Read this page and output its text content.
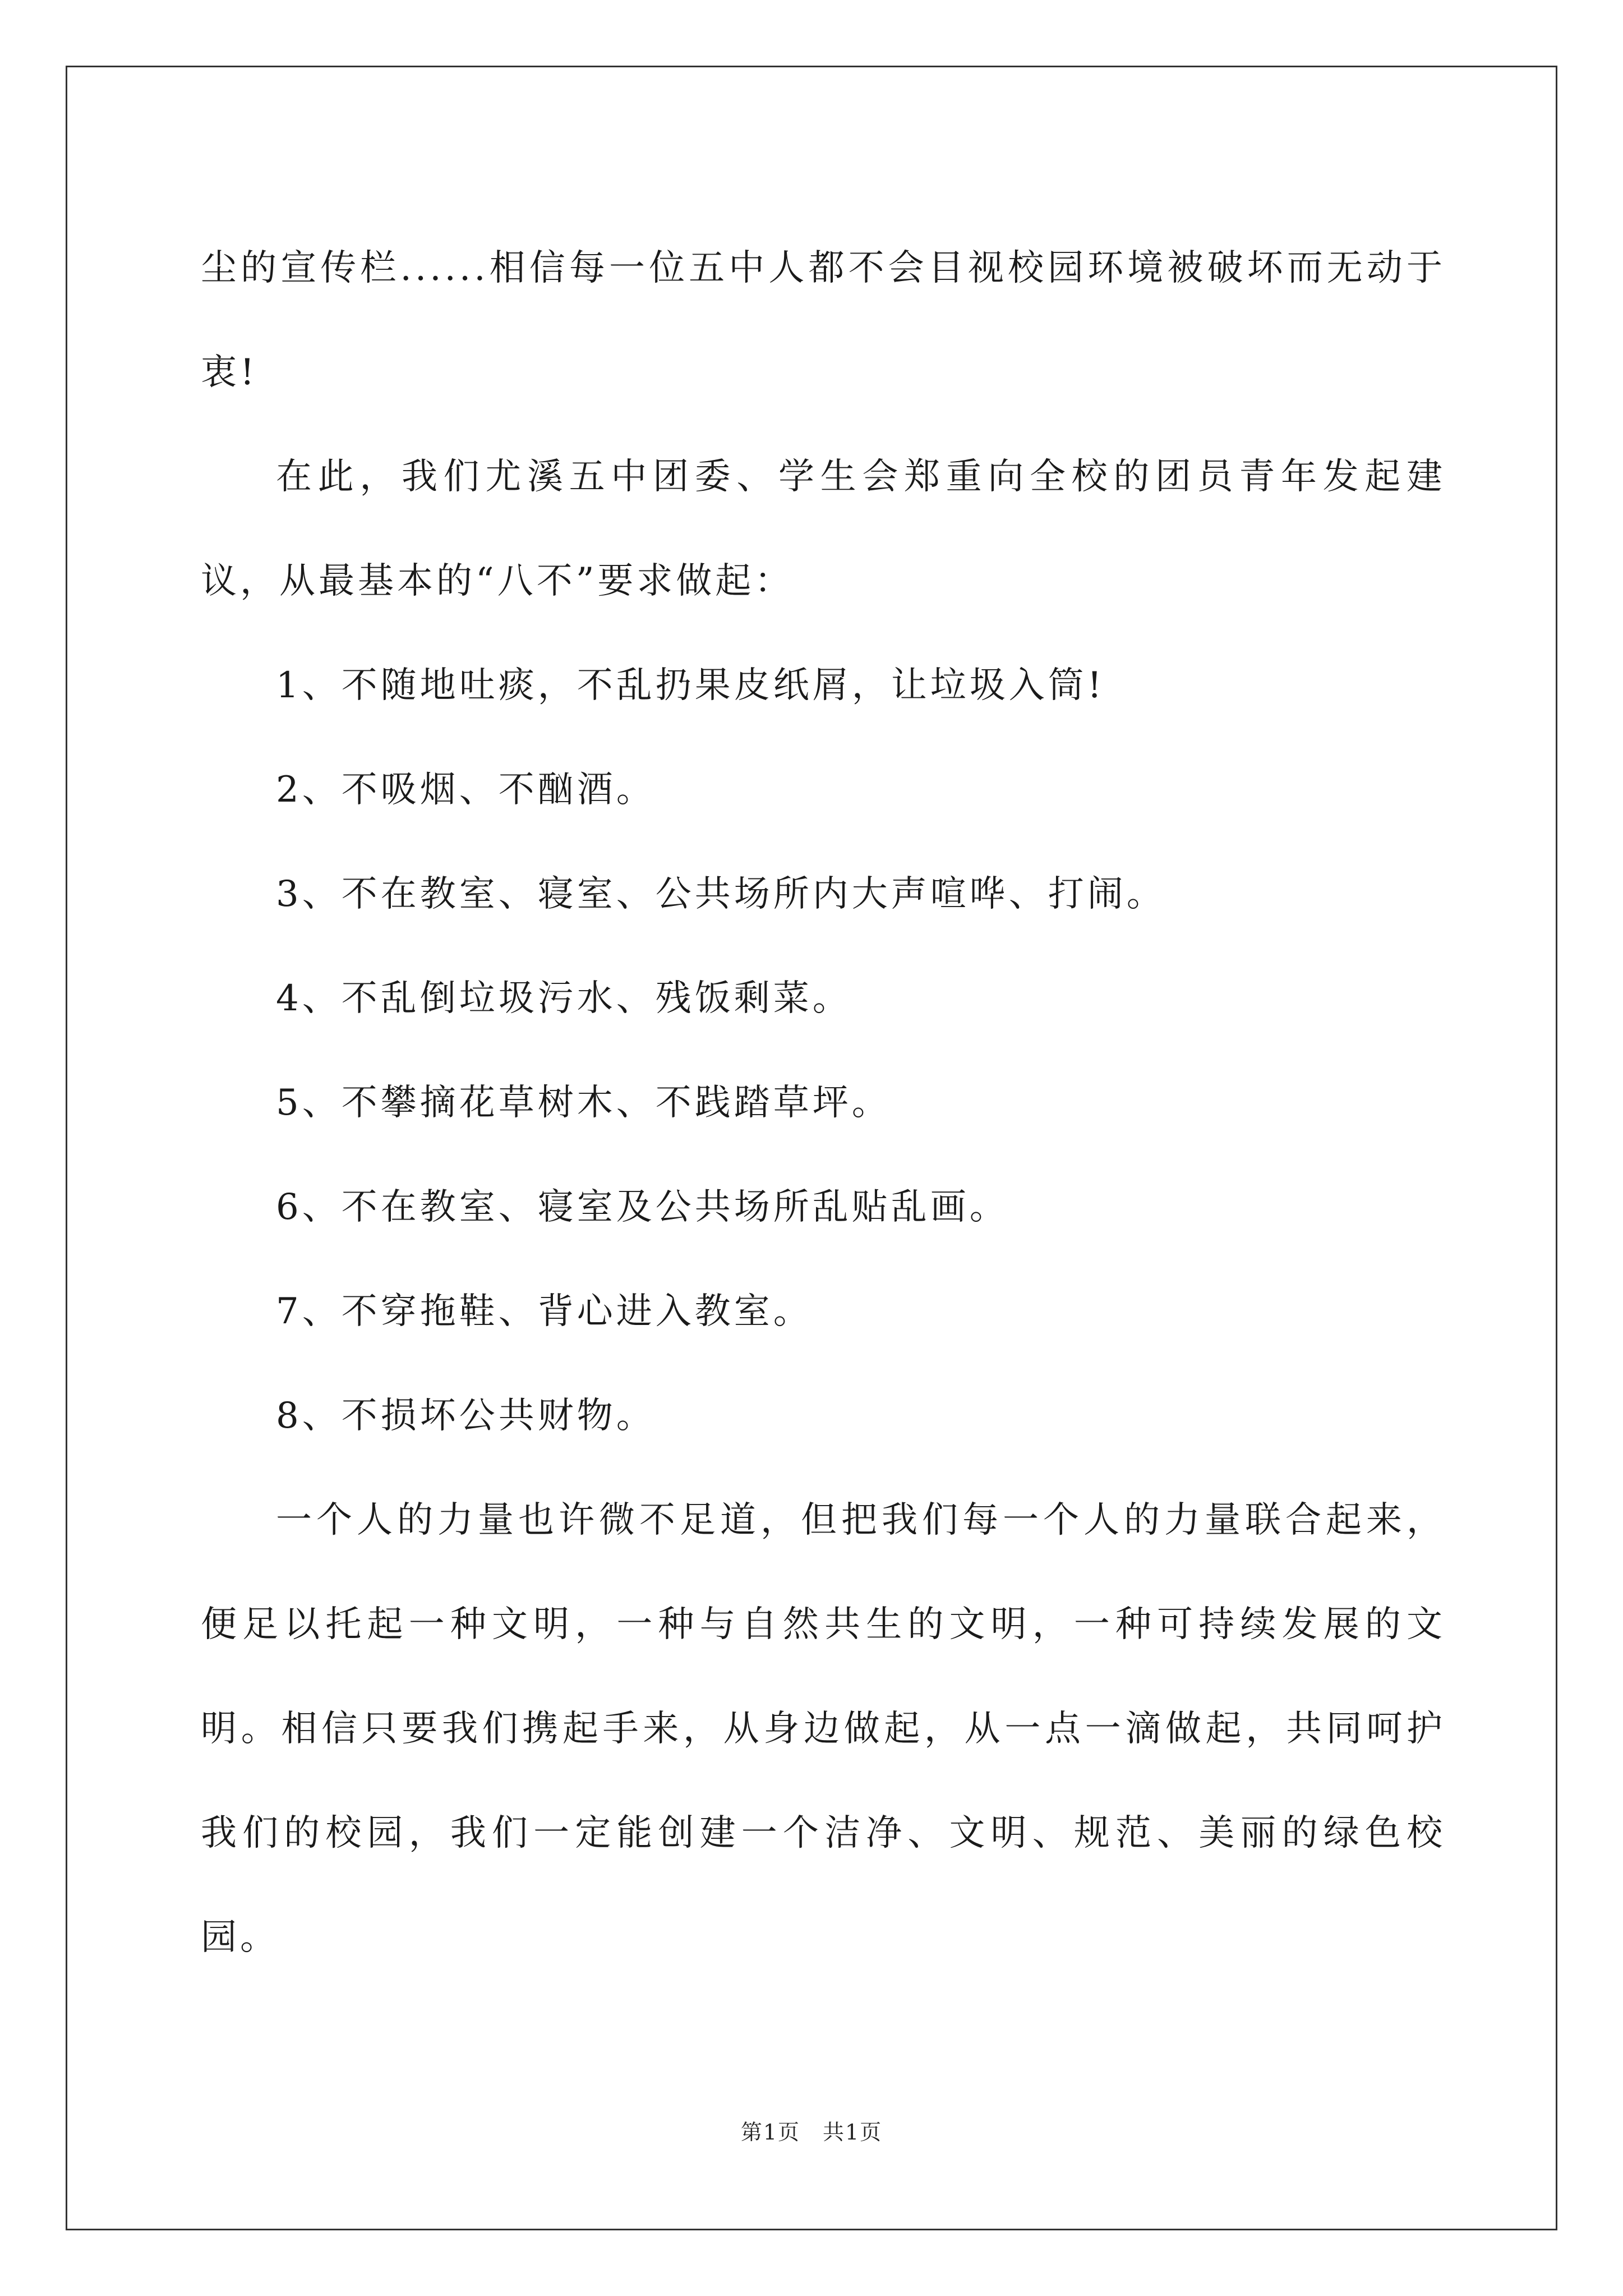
尘的宣传栏......相信每一位五中人都不会目视校园环境被破坏而无动于衷!

在此，我们尤溪五中团委、学生会郑重向全校的团员青年发起建议，从最基本的“八不”要求做起：

1、不随地吐痰，不乱扔果皮纸屑，让垃圾入筒!

2、不吸烟、不酗酒。

3、不在教室、寝室、公共场所内大声喧哗、打闹。

4、不乱倒垃圾污水、残饭剩菜。

5、不攀摘花草树木、不践踏草坪。

6、不在教室、寝室及公共场所乱贴乱画。

7、不穿拖鞋、背心进入教室。

8、不损坏公共财物。

一个人的力量也许微不足道，但把我们每一个人的力量联合起来，便足以托起一种文明，一种与自然共生的文明，一种可持续发展的文明。相信只要我们携起手来，从身边做起，从一点一滴做起，共同呵护我们的校园，我们一定能创建一个洁净、文明、规范、美丽的绿色校园。

第1页　共1页
